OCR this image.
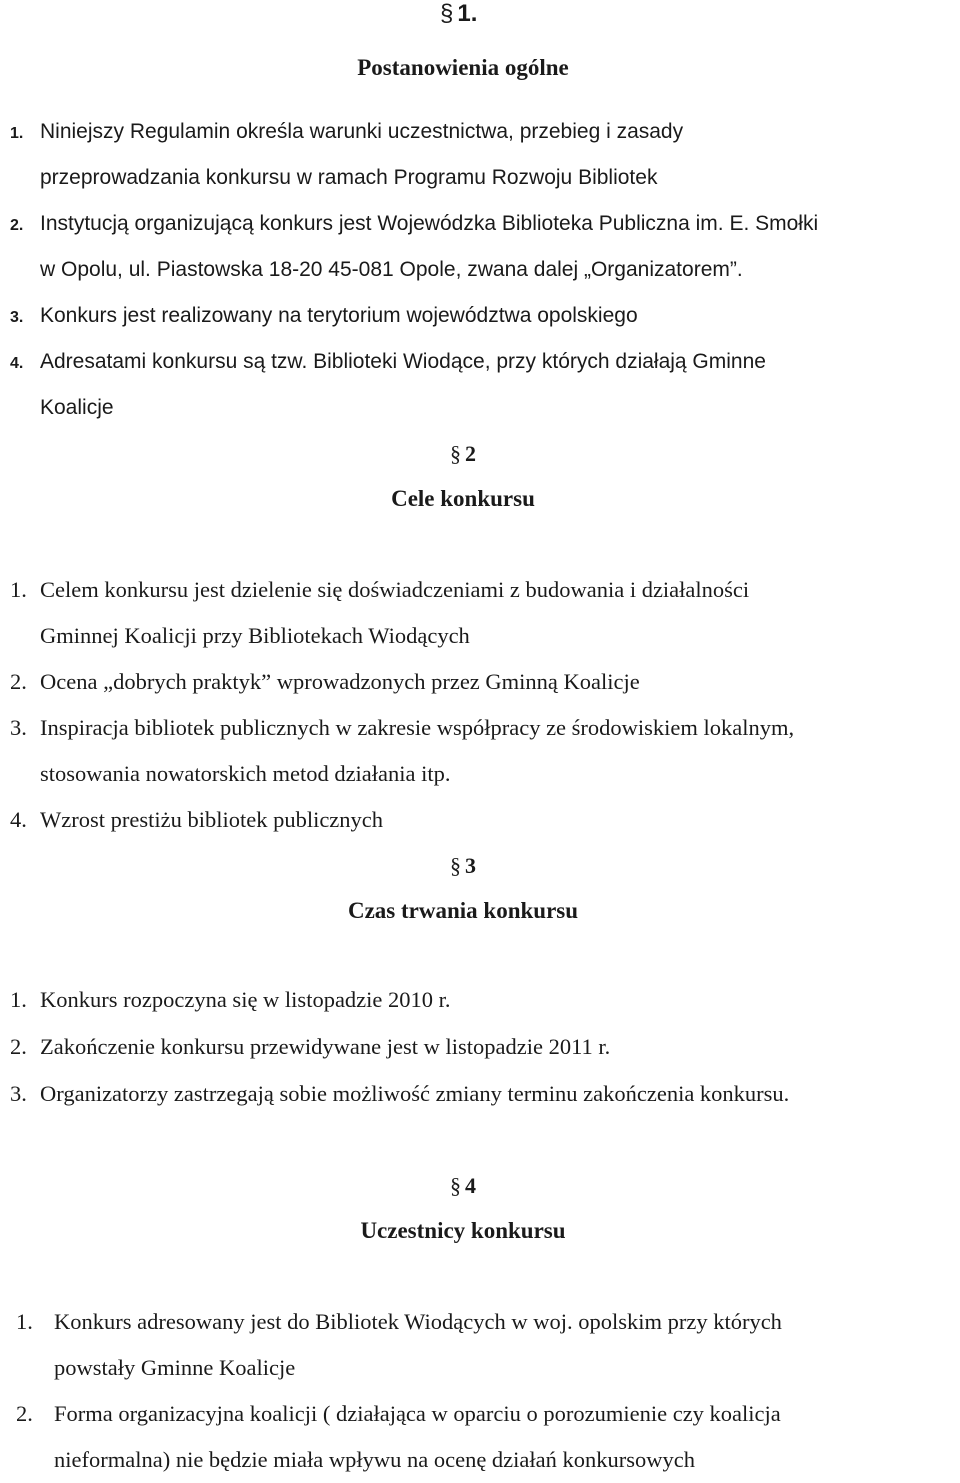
§ 1.
Postanowienia ogólne
1. Niniejszy Regulamin określa warunki uczestnictwa, przebieg i zasady
przeprowadzania konkursu w ramach Programu Rozwoju Bibliotek
2. Instytucją organizującą konkurs jest Wojewódzka Biblioteka Publiczna im. E. Smołki
w Opolu, ul. Piastowska 18-20 45-081 Opole, zwana dalej „Organizatorem”.
3. Konkurs jest realizowany na terytorium województwa opolskiego
4. Adresatami konkursu są tzw. Biblioteki Wiodące, przy których działają Gminne
Koalicje
§ 2
Cele konkursu
1. Celem konkursu jest dzielenie się doświadczeniami z budowania i działalności
Gminnej Koalicji przy Bibliotekach Wiodących
2. Ocena „dobrych praktyk” wprowadzonych przez Gminną Koalicje
3. Inspiracja bibliotek publicznych w zakresie współpracy ze środowiskiem lokalnym,
stosowania nowatorskich metod działania itp.
4. Wzrost prestiżu bibliotek publicznych
§ 3
Czas trwania konkursu
1. Konkurs rozpoczyna się w listopadzie 2010 r.
2. Zakończenie konkursu przewidywane jest w listopadzie 2011 r.
3. Organizatorzy zastrzegają sobie możliwość zmiany terminu zakończenia konkursu.
§ 4
Uczestnicy konkursu
1. Konkurs adresowany jest do Bibliotek Wiodących w woj. opolskim przy których
powstały Gminne Koalicje
2. Forma organizacyjna koalicji ( działająca w oparciu o porozumienie czy koalicja
nieformalna) nie będzie miała wpływu na ocenę działań konkursowych
